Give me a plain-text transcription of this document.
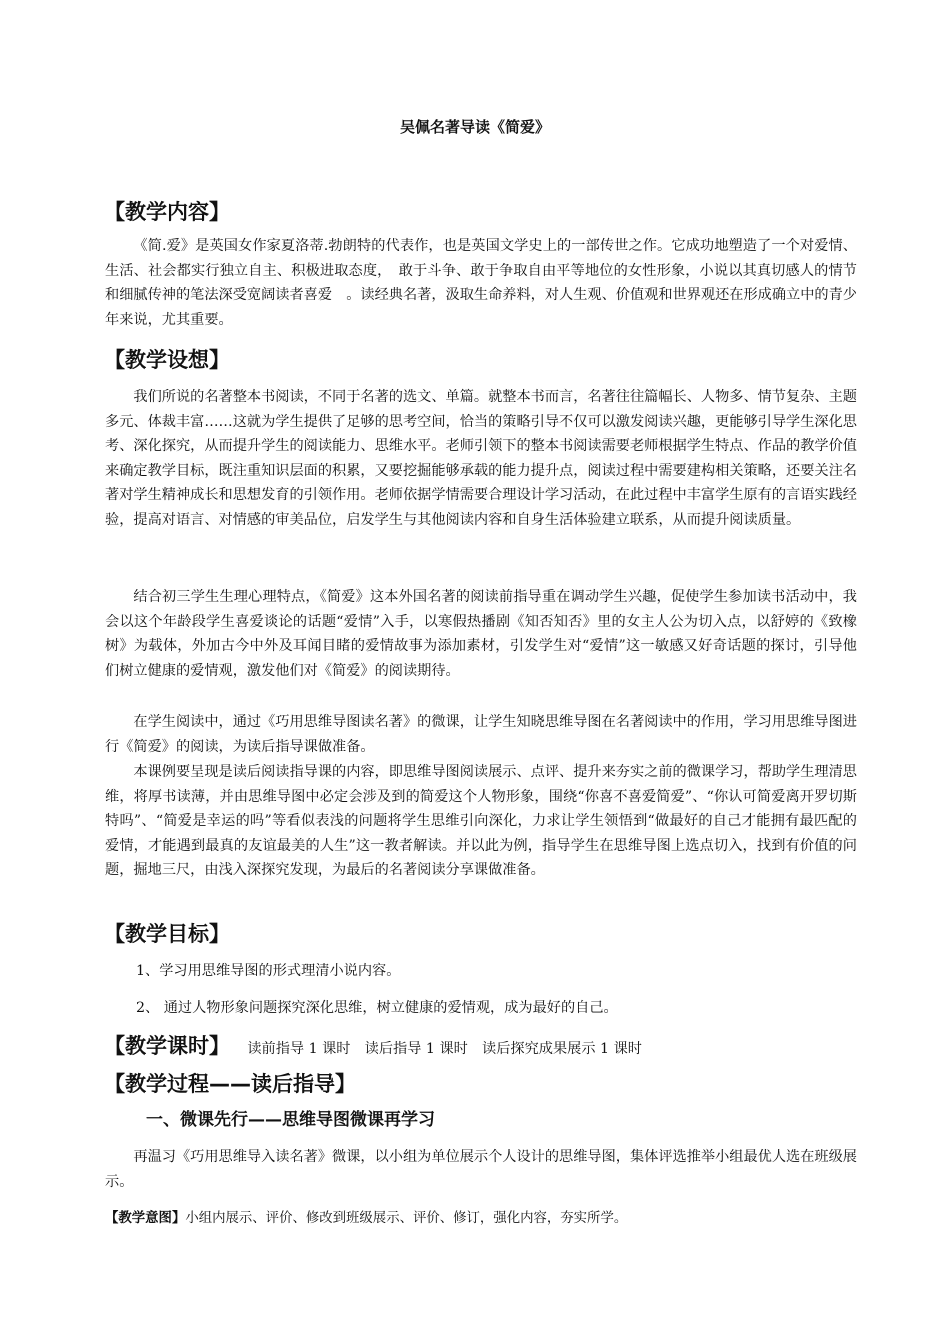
吴佩名著导读《简爱》
【教学内容】
《简.爱》是英国女作家夏洛蒂.勃朗特的代表作，也是英国文学史上的一部传世之作。它成功地塑造了一个对爱情、生活、社会都实行独立自主、积极进取态度，　敢于斗争、敢于争取自由平等地位的女性形象，小说以其真切感人的情节和细腻传神的笔法深受宽阔读者喜爱　。读经典名著，汲取生命养料，对人生观、价值观和世界观还在形成确立中的青少年来说，尤其重要。
【教学设想】
我们所说的名著整本书阅读，不同于名著的选文、单篇。就整本书而言，名著往往篇幅长、人物多、情节复杂、主题多元、体裁丰富……这就为学生提供了足够的思考空间，恰当的策略引导不仅可以激发阅读兴趣，更能够引导学生深化思考、深化探究，从而提升学生的阅读能力、思维水平。老师引领下的整本书阅读需要老师根据学生特点、作品的教学价值来确定教学目标，既注重知识层面的积累，又要挖掘能够承载的能力提升点，阅读过程中需要建构相关策略，还要关注名著对学生精神成长和思想发育的引领作用。老师依据学情需要合理设计学习活动，在此过程中丰富学生原有的言语实践经验，提高对语言、对情感的审美品位，启发学生与其他阅读内容和自身生活体验建立联系，从而提升阅读质量。
结合初三学生生理心理特点，《简爱》这本外国名著的阅读前指导重在调动学生兴趣，促使学生参加读书活动中，我会以这个年龄段学生喜爱谈论的话题“爱情”入手，以寒假热播剧《知否知否》里的女主人公为切入点，以舒婷的《致橡树》为载体，外加古今中外及耳闻目睹的爱情故事为添加素材，引发学生对“爱情”这一敏感又好奇话题的探讨，引导他们树立健康的爱情观，激发他们对《简爱》的阅读期待。
在学生阅读中，通过《巧用思维导图读名著》的微课，让学生知晓思维导图在名著阅读中的作用，学习用思维导图进行《简爱》的阅读，为读后指导课做准备。
本课例要呈现是读后阅读指导课的内容，即思维导图阅读展示、点评、提升来夯实之前的微课学习，帮助学生理清思维，将厚书读薄，并由思维导图中必定会涉及到的简爱这个人物形象，围绕“你喜不喜爱简爱”、“你认可简爱离开罗切斯特吗”、“简爱是幸运的吗”等看似表浅的问题将学生思维引向深化，力求让学生领悟到“做最好的自己才能拥有最匹配的爱情，才能遇到最真的友谊最美的人生”这一教者解读。并以此为例，指导学生在思维导图上选点切入，找到有价值的问题，掘地三尺，由浅入深探究发现，为最后的名著阅读分享课做准备。
【教学目标】
1、学习用思维导图的形式理清小说内容。
2、 通过人物形象问题探究深化思维，树立健康的爱情观，成为最好的自己。
【教学课时】 读前指导 1 课时　读后指导 1 课时　读后探究成果展示 1 课时
【教学过程——读后指导】
一、微课先行——思维导图微课再学习
再温习《巧用思维导入读名著》微课，以小组为单位展示个人设计的思维导图，集体评选推举小组最优人选在班级展示。
【教学意图】小组内展示、评价、修改到班级展示、评价、修订，强化内容，夯实所学。
